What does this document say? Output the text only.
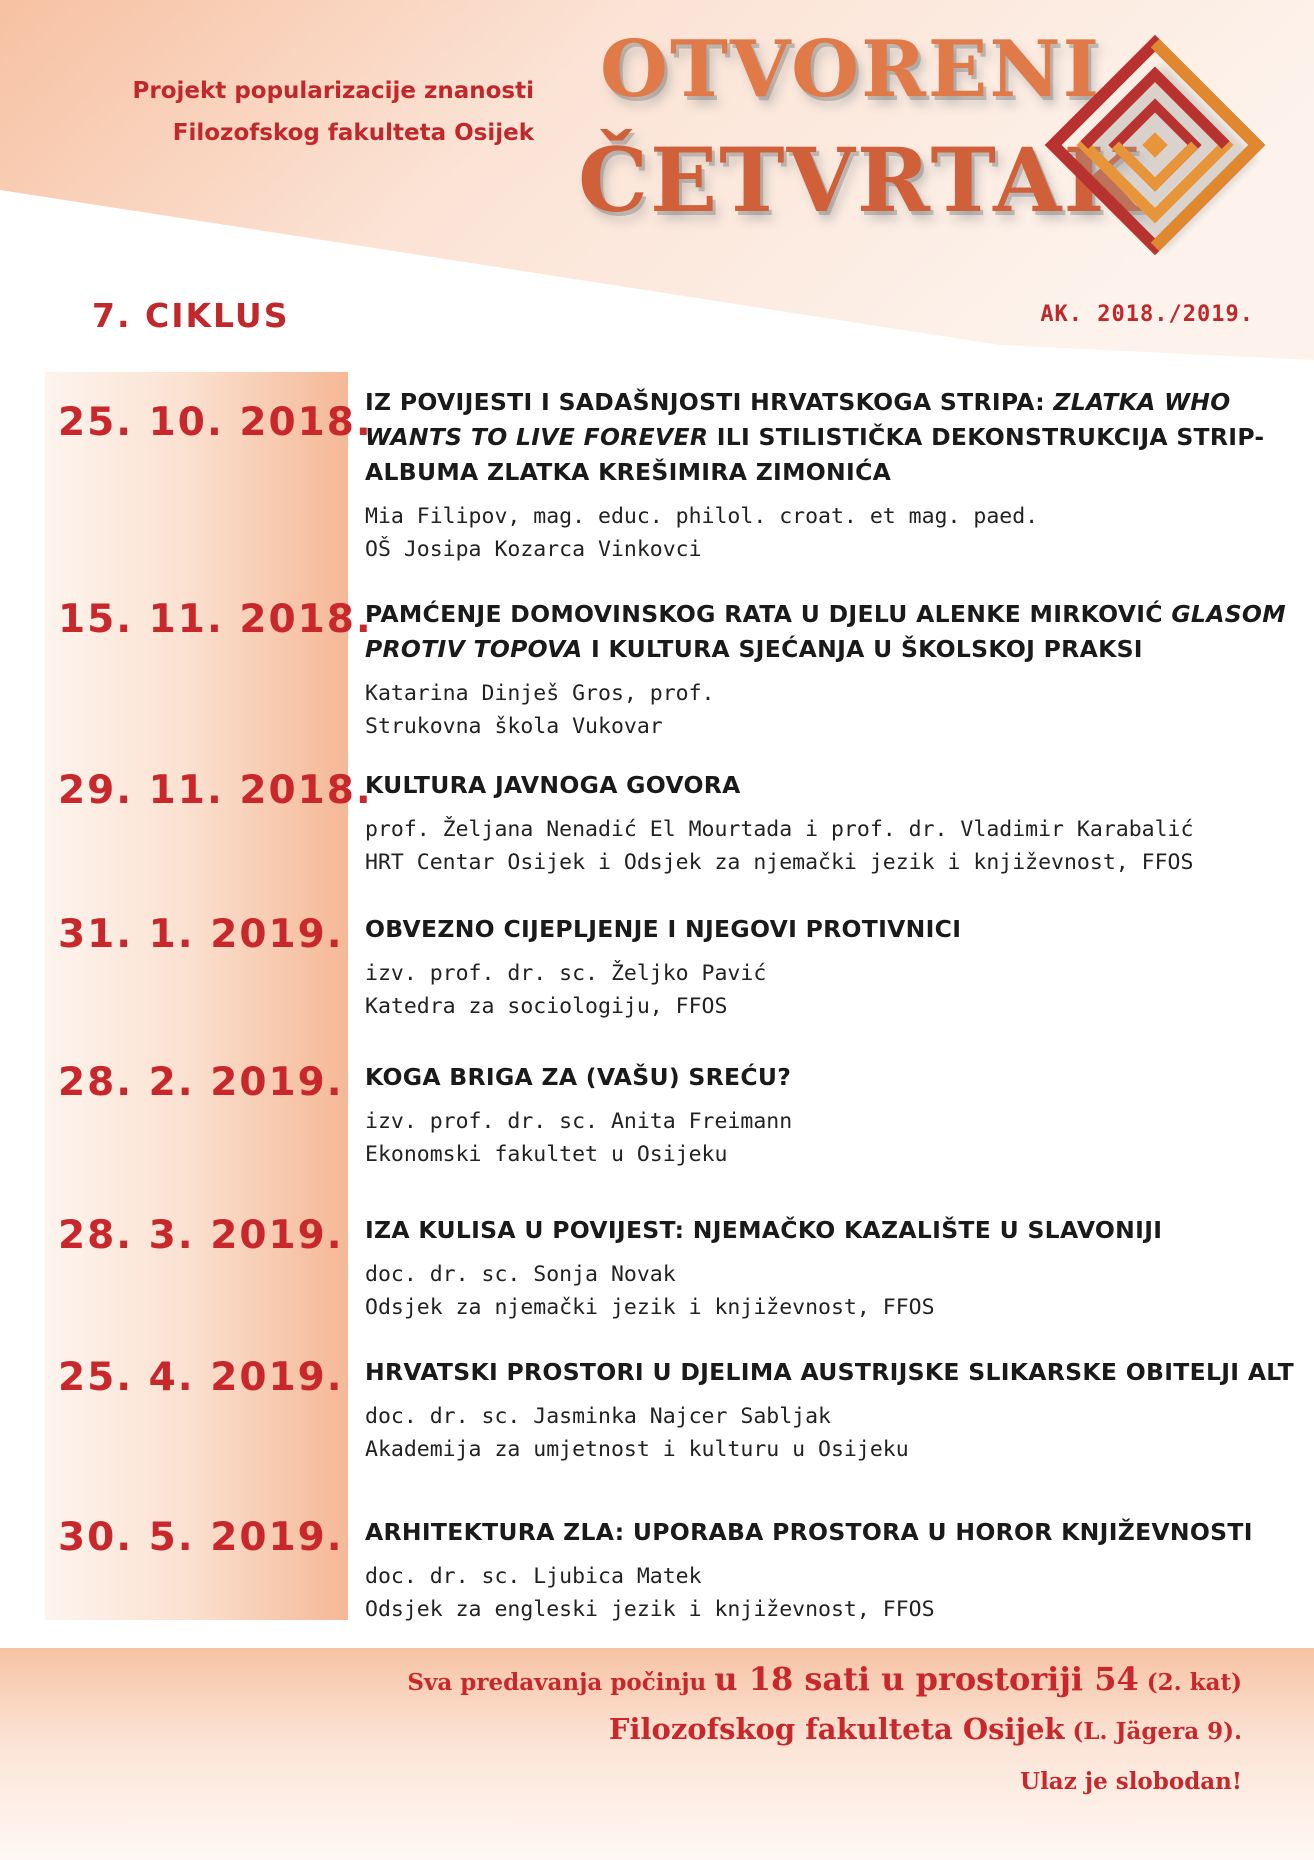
Projekt popularizacije znanosti
Filozofskog fakulteta Osijek
OTVORENI
ČETVRTAK
7. CIKLUS	AK. 2018./2019.
25. 10. 2018.

IZ POVIJESTI I SADAŠNJOSTI HRVATSKOGA STRIPA: ZLATKA WHO WANTS TO LIVE FOREVER ILI STILISTIČKA DEKONSTRUKCIJA STRIP-ALBUMA ZLATKA KREŠIMIRA ZIMONIĆA

Mia Filipov, mag. educ. philol. croat. et mag. paed.

OŠ Josipa Kozarca Vinkovci

15. 11. 2018.

PAMĆENJE DOMOVINSKOG RATA U DJELU ALENKE MIRKOVIĆ GLASOM PROTIV TOPOVA I KULTURA SJEĆANJA U ŠKOLSKOJ PRAKSI

Katarina Dinješ Gros, prof.

Strukovna škola Vukovar

29. 11. 2018.

KULTURA JAVNOGA GOVORA

prof. Željana Nenadić El Mourtada i prof. dr. Vladimir Karabalić

HRT Centar Osijek i Odsjek za njemački jezik i književnost, FFOS

31. 1. 2019. OBVEZNO CIJEPLJENJE I NJEGOVI PROTIVNICI

izv. prof. dr. sc. Željko Pavić

Katedra za sociologiju, FFOS

28. 2. 2019. KOGA BRIGA ZA (VAŠU) SREĆU?

izv. prof. dr. sc. Anita Freimann

Ekonomski fakultet u Osijeku

28. 3. 2019. IZA KULISA U POVIJEST: NJEMAČKO KAZALIŠTE U SLAVONIJI

doc. dr. sc. Sonja Novak

Odsjek za njemački jezik i književnost, FFOS

25. 4. 2019. HRVATSKI PROSTORI U DJELIMA AUSTRIJSKE SLIKARSKE OBITELJI ALT

doc. dr. sc. Jasminka Najcer Sabljak

Akademija za umjetnost i kulturu u Osijeku

30. 5. 2019. ARHITEKTURA ZLA: UPORABA PROSTORA U HOROR KNJIŽEVNOSTI

doc. dr. sc. Ljubica Matek

Odsjek za engleski jezik i književnost, FFOS

Sva predavanja počinju u 18 sati u prostoriji 54 (2. kat)
Filozofskog fakulteta Osijek (L. Jägera 9).
Ulaz je slobodan!
